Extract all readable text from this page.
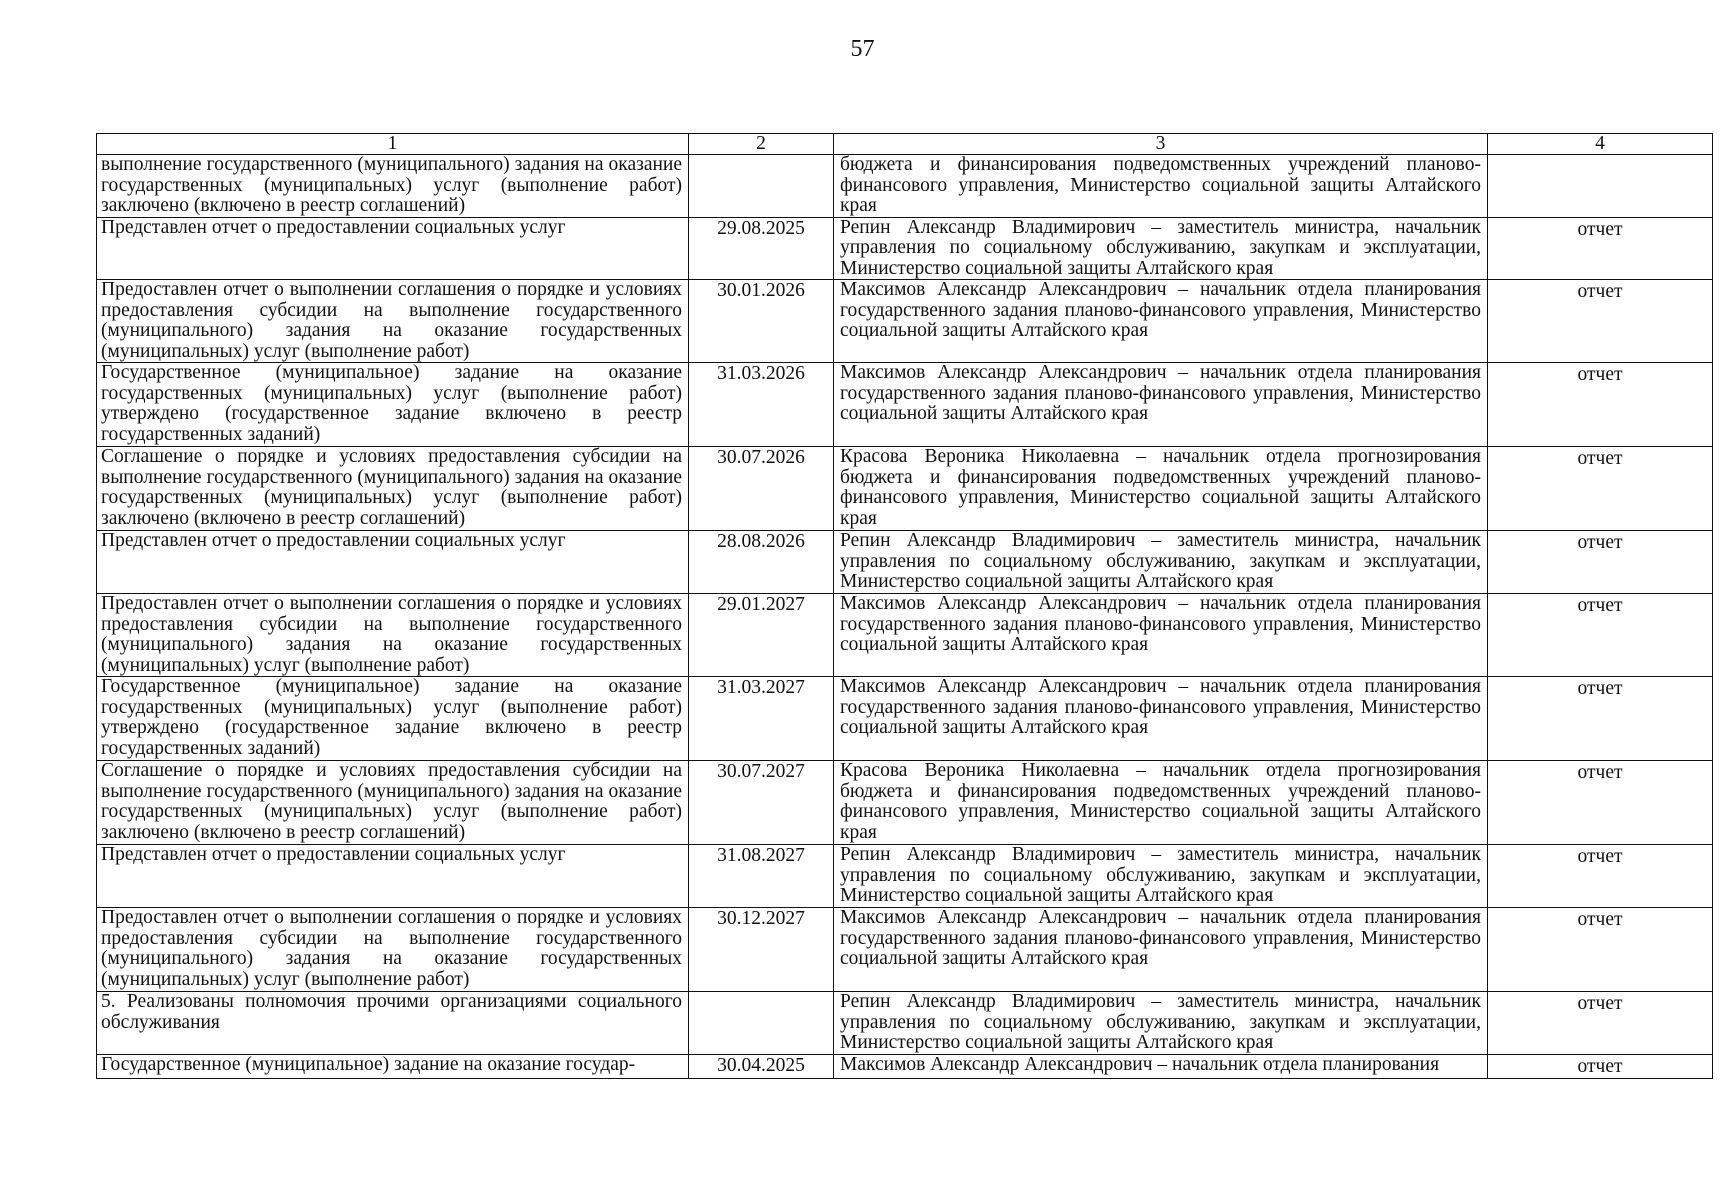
57
1	2	3	4
выполнение государственного (муниципального) задания на оказание государственных (муниципальных) услуг (выполнение работ) заключено (включено в реестр соглашений)		бюджета и финансирования подведомственных учреждений планово-финансового управления, Министерство социальной защиты Алтайского края	
Представлен отчет о предоставлении социальных услуг	29.08.2025	Репин Александр Владимирович – заместитель министра, начальник управления по социальному обслуживанию, закупкам и эксплуатации, Министерство социальной защиты Алтайского края	отчет
Предоставлен отчет о выполнении соглашения о порядке и условиях предоставления субсидии на выполнение государственного (муниципального) задания на оказание государственных (муниципальных) услуг (выполнение работ)	30.01.2026	Максимов Александр Александрович – начальник отдела планирования государственного задания планово-финансового управления, Министерство социальной защиты Алтайского края	отчет
Государственное (муниципальное) задание на оказание государственных (муниципальных) услуг (выполнение работ) утверждено (государственное задание включено в реестр государственных заданий)	31.03.2026	Максимов Александр Александрович – начальник отдела планирования государственного задания планово-финансового управления, Министерство социальной защиты Алтайского края	отчет
Соглашение о порядке и условиях предоставления субсидии на выполнение государственного (муниципального) задания на оказание государственных (муниципальных) услуг (выполнение работ) заключено (включено в реестр соглашений)	30.07.2026	Красова Вероника Николаевна – начальник отдела прогнозирования бюджета и финансирования подведомственных учреждений планово-финансового управления, Министерство социальной защиты Алтайского края	отчет
Представлен отчет о предоставлении социальных услуг	28.08.2026	Репин Александр Владимирович – заместитель министра, начальник управления по социальному обслуживанию, закупкам и эксплуатации, Министерство социальной защиты Алтайского края	отчет
Предоставлен отчет о выполнении соглашения о порядке и условиях предоставления субсидии на выполнение государственного (муниципального) задания на оказание государственных (муниципальных) услуг (выполнение работ)	29.01.2027	Максимов Александр Александрович – начальник отдела планирования государственного задания планово-финансового управления, Министерство социальной защиты Алтайского края	отчет
Государственное (муниципальное) задание на оказание государственных (муниципальных) услуг (выполнение работ) утверждено (государственное задание включено в реестр государственных заданий)	31.03.2027	Максимов Александр Александрович – начальник отдела планирования государственного задания планово-финансового управления, Министерство социальной защиты Алтайского края	отчет
Соглашение о порядке и условиях предоставления субсидии на выполнение государственного (муниципального) задания на оказание государственных (муниципальных) услуг (выполнение работ) заключено (включено в реестр соглашений)	30.07.2027	Красова Вероника Николаевна – начальник отдела прогнозирования бюджета и финансирования подведомственных учреждений планово-финансового управления, Министерство социальной защиты Алтайского края	отчет
Представлен отчет о предоставлении социальных услуг	31.08.2027	Репин Александр Владимирович – заместитель министра, начальник управления по социальному обслуживанию, закупкам и эксплуатации, Министерство социальной защиты Алтайского края	отчет
Предоставлен отчет о выполнении соглашения о порядке и условиях предоставления субсидии на выполнение государственного (муниципального) задания на оказание государственных (муниципальных) услуг (выполнение работ)	30.12.2027	Максимов Александр Александрович – начальник отдела планирования государственного задания планово-финансового управления, Министерство социальной защиты Алтайского края	отчет
5. Реализованы полномочия прочими организациями социального обслуживания		Репин Александр Владимирович – заместитель министра, начальник управления по социальному обслуживанию, закупкам и эксплуатации, Министерство социальной защиты Алтайского края	отчет
Государственное (муниципальное) задание на оказание государ-	30.04.2025	Максимов Александр Александрович – начальник отдела планирования	отчет
